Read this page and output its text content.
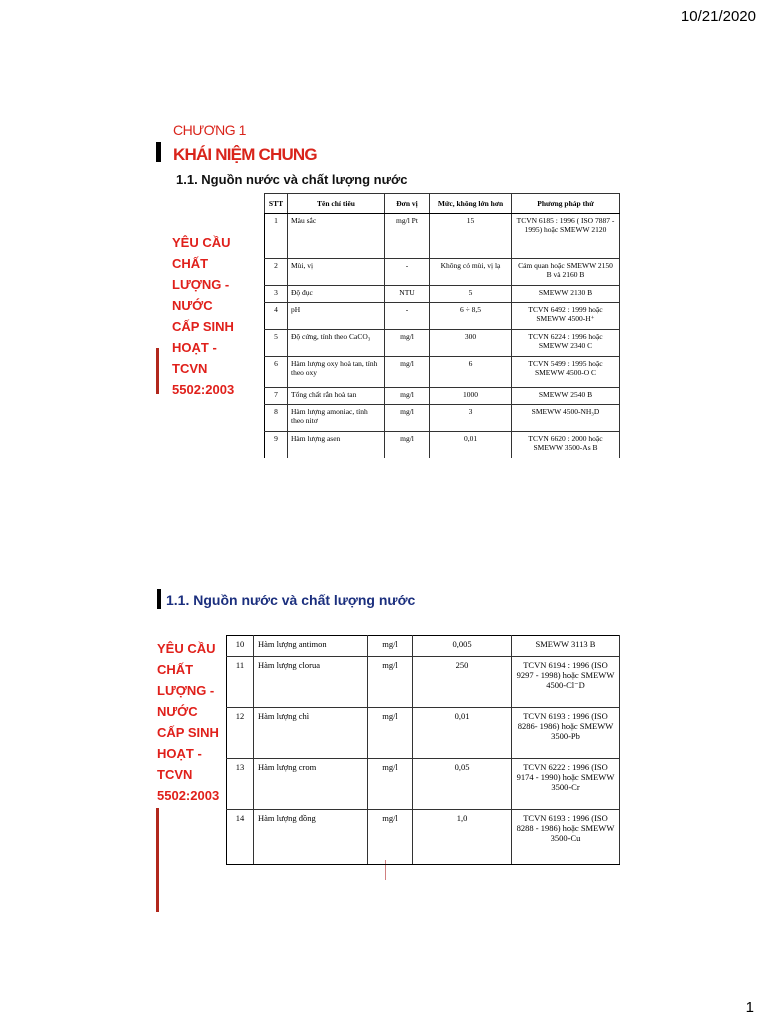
10/21/2020
CHƯƠNG 1
KHÁI NIỆM CHUNG
1.1. Nguồn nước và chất lượng nước
YÊU CẦU
CHẤT
LƯỢNG -
NƯỚC
CẤP SINH
HOẠT -
TCVN
5502:2003
STT	Tên chỉ tiêu	Đơn vị	Mức, không lớn hơn	Phương pháp thử
1	Màu sắc	mg/l Pt	15	TCVN 6185 : 1996 ( ISO 7887 - 1995) hoặc SMEWW 2120
2	Mùi, vị	-	Không có mùi, vị lạ	Cảm quan hoặc SMEWW 2150 B và 2160 B
3	Độ đục	NTU	5	SMEWW 2130 B
4	pH	-	6 ÷ 8,5	TCVN 6492 : 1999 hoặc SMEWW 4500-H⁺
5	Độ cứng, tính theo CaCO₃	mg/l	300	TCVN 6224 : 1996 hoặc SMEWW 2340 C
6	Hàm lượng oxy hoà tan, tính theo oxy	mg/l	6	TCVN 5499 : 1995 hoặc SMEWW 4500-O C
7	Tổng chất rắn hoà tan	mg/l	1000	SMEWW 2540 B
8	Hàm lượng amoniac, tính theo nitơ	mg/l	3	SMEWW 4500-NH₃D
9	Hàm lượng asen	mg/l	0,01	TCVN 6620 : 2000 hoặc SMEWW 3500-As B
1.1. Nguồn nước và chất lượng nước
YÊU CẦU
CHẤT
LƯỢNG -
NƯỚC
CẤP SINH
HOẠT -
TCVN
5502:2003
10	Hàm lượng antimon	mg/l	0,005	SMEWW 3113 B
11	Hàm lượng clorua	mg/l	250	TCVN 6194 : 1996 (ISO 9297 - 1998) hoặc SMEWW 4500-Cl⁻D
12	Hàm lượng chì	mg/l	0,01	TCVN 6193 : 1996 (ISO 8286- 1986) hoặc SMEWW 3500-Pb
13	Hàm lượng crom	mg/l	0,05	TCVN 6222 : 1996 (ISO 9174 - 1990) hoặc SMEWW 3500-Cr
14	Hàm lượng đồng	mg/l	1,0	TCVN 6193 : 1996 (ISO 8288 - 1986) hoặc SMEWW 3500-Cu
1
